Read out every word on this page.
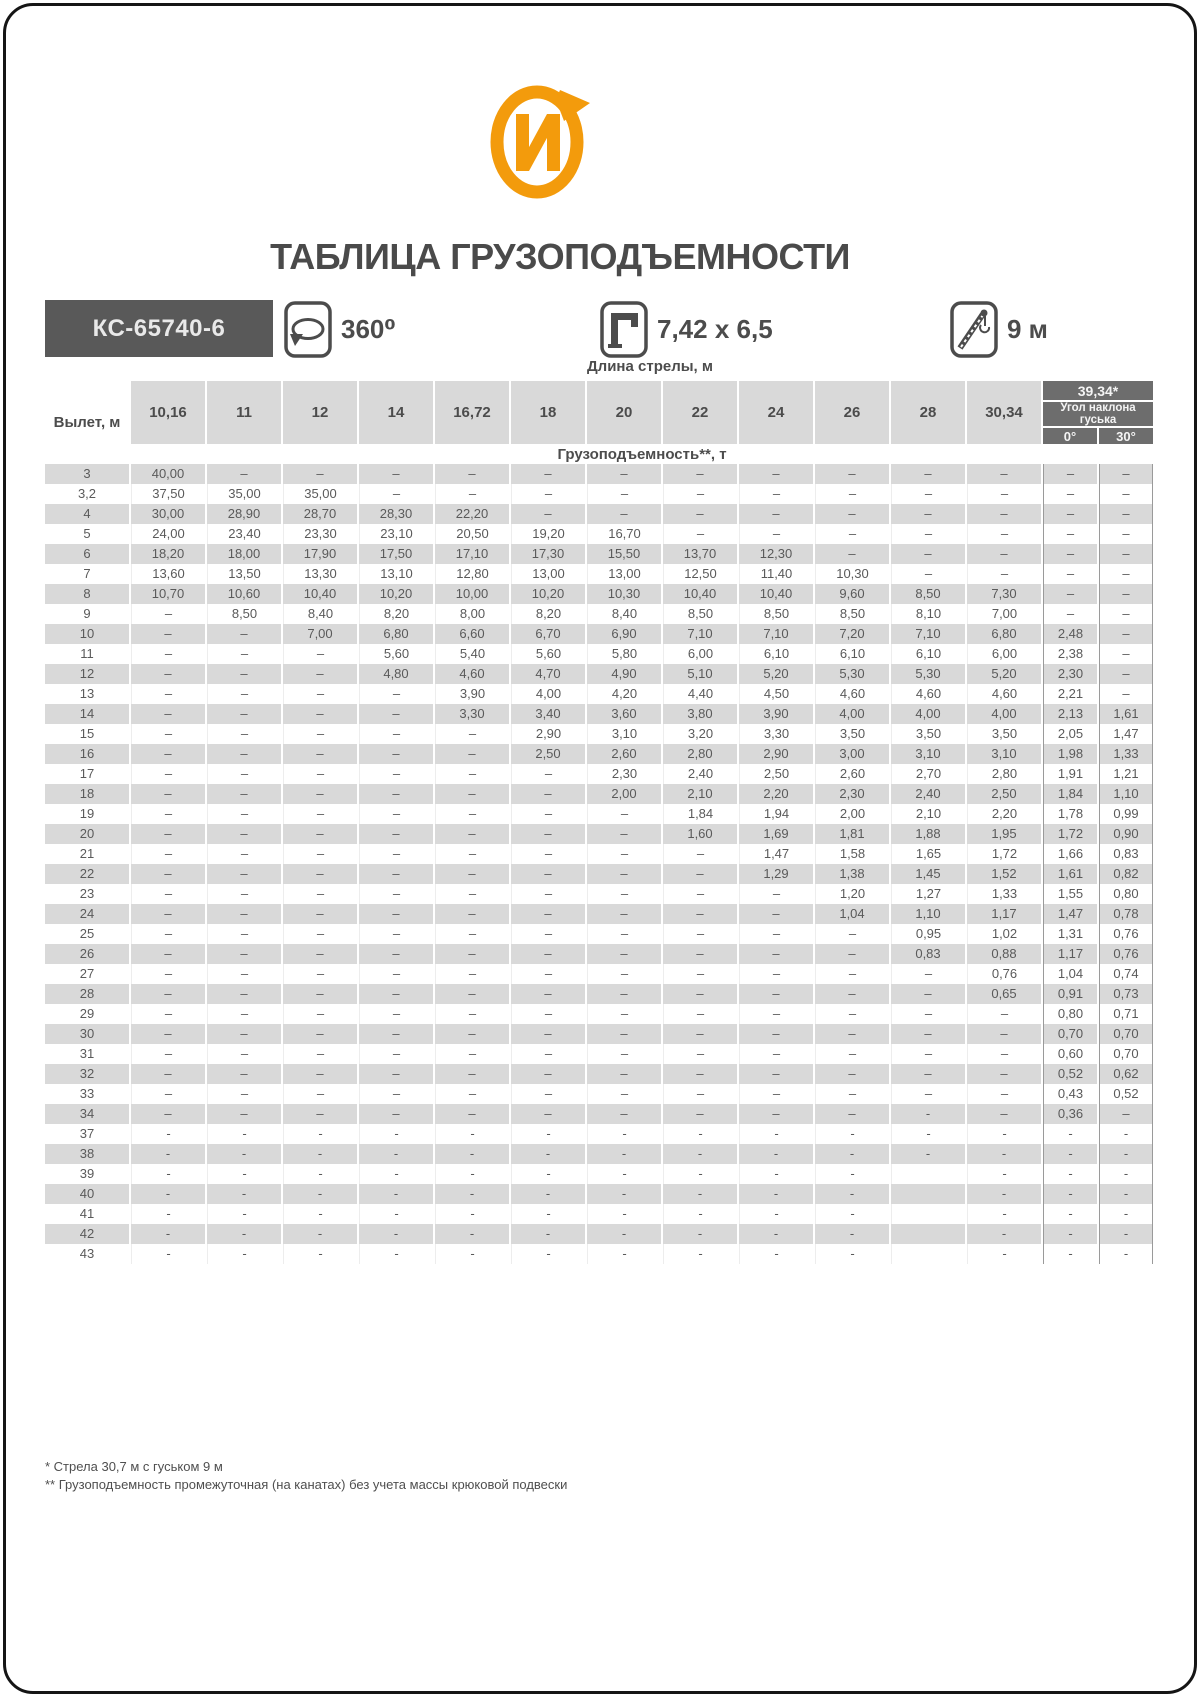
ТАБЛИЦА ГРУЗОПОДЪЕМНОСТИ
КС-65740-6	360⁰	7,42 х 6,5	9 м
Длина стрелы, м
Вылет, м	10,16	11	12	14	16,72	18	20	22	24	26	28	30,34	39,34*	
													Угол наклона гуська	
													0°	30°
	Грузоподъемность**, т													
3	40,00	–	–	–	–	–	–	–	–	–	–	–	–	–
3,2	37,50	35,00	35,00	–	–	–	–	–	–	–	–	–	–	–
4	30,00	28,90	28,70	28,30	22,20	–	–	–	–	–	–	–	–	–
5	24,00	23,40	23,30	23,10	20,50	19,20	16,70	–	–	–	–	–	–	–
6	18,20	18,00	17,90	17,50	17,10	17,30	15,50	13,70	12,30	–	–	–	–	–
7	13,60	13,50	13,30	13,10	12,80	13,00	13,00	12,50	11,40	10,30	–	–	–	–
8	10,70	10,60	10,40	10,20	10,00	10,20	10,30	10,40	10,40	9,60	8,50	7,30	–	–
9	–	8,50	8,40	8,20	8,00	8,20	8,40	8,50	8,50	8,50	8,10	7,00	–	–
10	–	–	7,00	6,80	6,60	6,70	6,90	7,10	7,10	7,20	7,10	6,80	2,48	–
11	–	–	–	5,60	5,40	5,60	5,80	6,00	6,10	6,10	6,10	6,00	2,38	–
12	–	–	–	4,80	4,60	4,70	4,90	5,10	5,20	5,30	5,30	5,20	2,30	–
13	–	–	–	–	3,90	4,00	4,20	4,40	4,50	4,60	4,60	4,60	2,21	–
14	–	–	–	–	3,30	3,40	3,60	3,80	3,90	4,00	4,00	4,00	2,13	1,61
15	–	–	–	–	–	2,90	3,10	3,20	3,30	3,50	3,50	3,50	2,05	1,47
16	–	–	–	–	–	2,50	2,60	2,80	2,90	3,00	3,10	3,10	1,98	1,33
17	–	–	–	–	–	–	2,30	2,40	2,50	2,60	2,70	2,80	1,91	1,21
18	–	–	–	–	–	–	2,00	2,10	2,20	2,30	2,40	2,50	1,84	1,10
19	–	–	–	–	–	–	–	1,84	1,94	2,00	2,10	2,20	1,78	0,99
20	–	–	–	–	–	–	–	1,60	1,69	1,81	1,88	1,95	1,72	0,90
21	–	–	–	–	–	–	–	–	1,47	1,58	1,65	1,72	1,66	0,83
22	–	–	–	–	–	–	–	–	1,29	1,38	1,45	1,52	1,61	0,82
23	–	–	–	–	–	–	–	–	–	1,20	1,27	1,33	1,55	0,80
24	–	–	–	–	–	–	–	–	–	1,04	1,10	1,17	1,47	0,78
25	–	–	–	–	–	–	–	–	–	–	0,95	1,02	1,31	0,76
26	–	–	–	–	–	–	–	–	–	–	0,83	0,88	1,17	0,76
27	–	–	–	–	–	–	–	–	–	–	–	0,76	1,04	0,74
28	–	–	–	–	–	–	–	–	–	–	–	0,65	0,91	0,73
29	–	–	–	–	–	–	–	–	–	–	–	–	0,80	0,71
30	–	–	–	–	–	–	–	–	–	–	–	–	0,70	0,70
31	–	–	–	–	–	–	–	–	–	–	–	–	0,60	0,70
32	–	–	–	–	–	–	–	–	–	–	–	–	0,52	0,62
33	–	–	–	–	–	–	–	–	–	–	–	–	0,43	0,52
34	–	–	–	–	–	–	–	–	–	–	-	–	0,36	–
37	-	-	-	-	-	-	-	-	-	-	-	-	-	-
38	-	-	-	-	-	-	-	-	-	-	-	-	-	-
39	-	-	-	-	-	-	-	-	-	-		-	-	-
40	-	-	-	-	-	-	-	-	-	-		-	-	-
41	-	-	-	-	-	-	-	-	-	-		-	-	-
42	-	-	-	-	-	-	-	-	-	-		-	-	-
43	-	-	-	-	-	-	-	-	-	-		-	-	-
* Стрела 30,7 м с гуськом 9 м
** Грузоподъемность промежуточная (на канатах) без учета массы крюковой подвески
